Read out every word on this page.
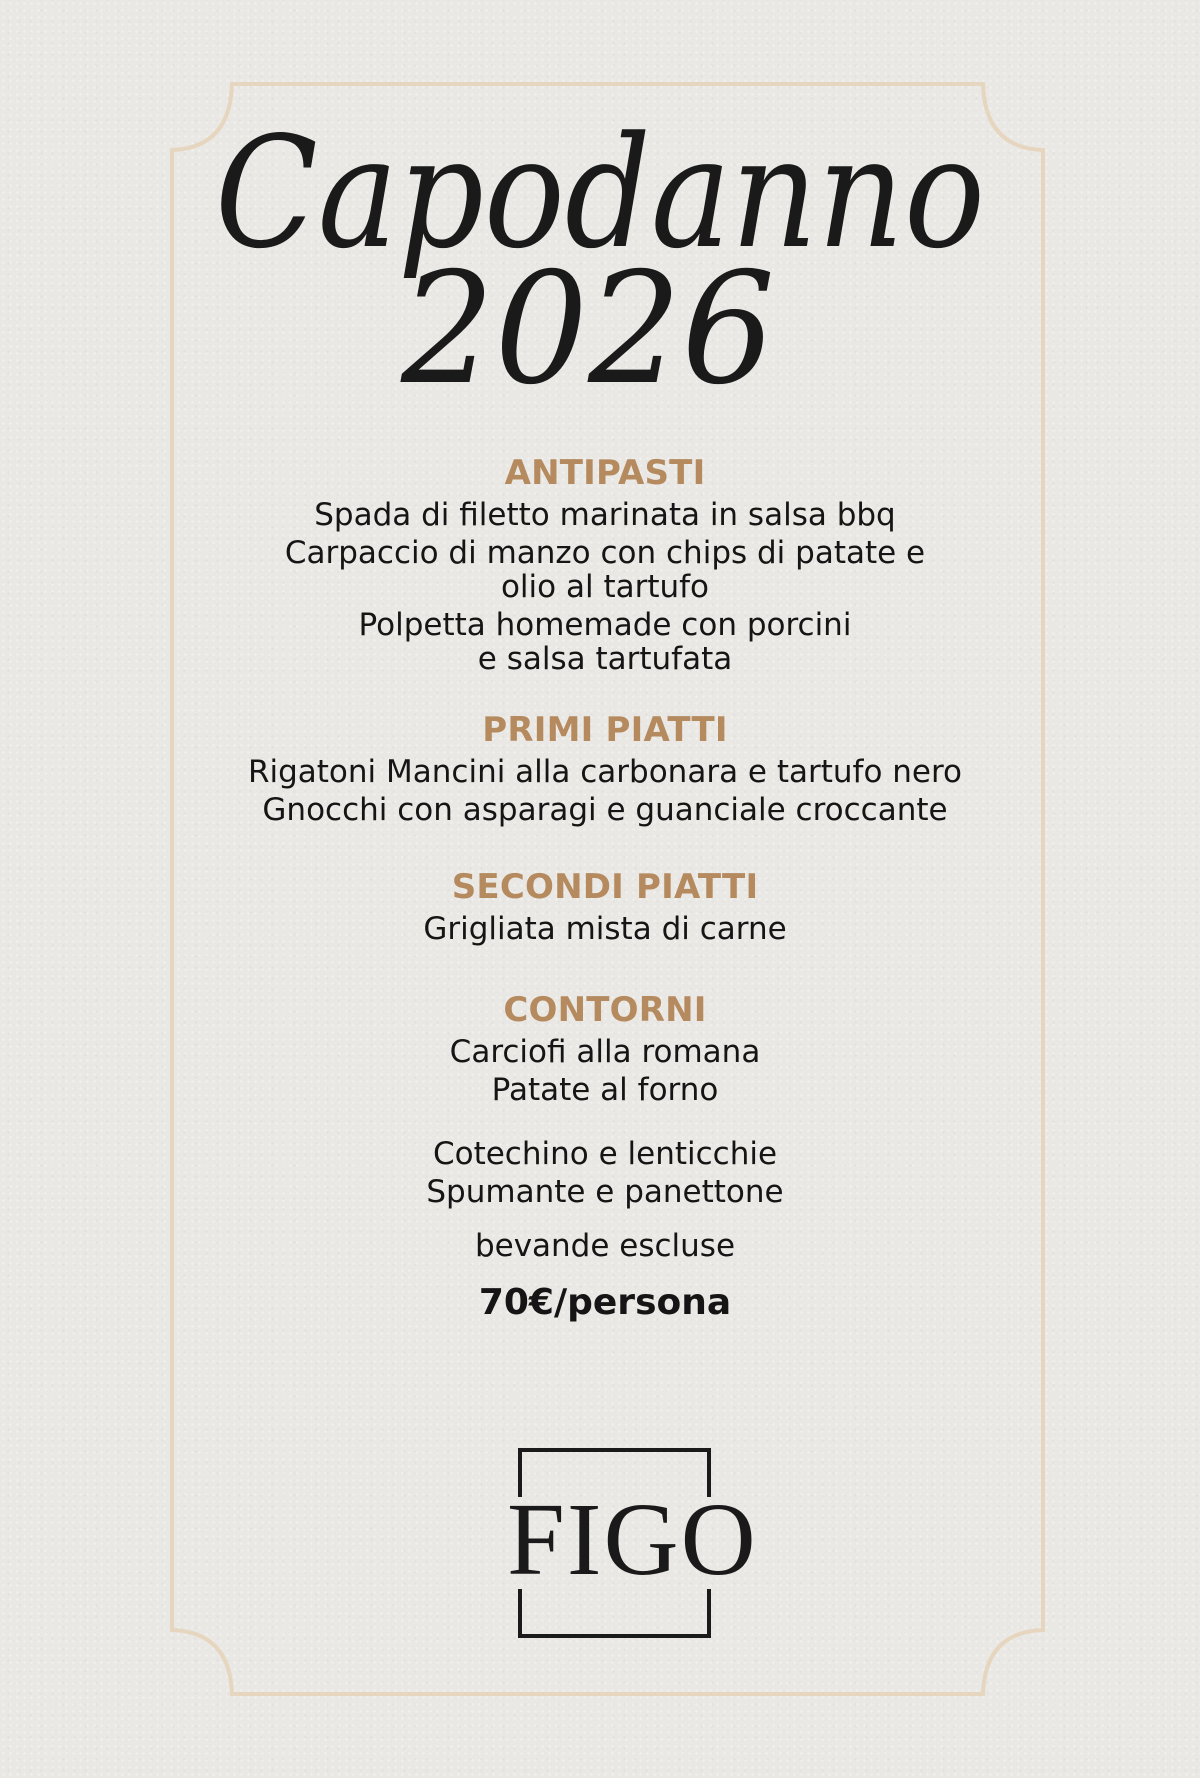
Capodanno
2026
ANTIPASTI
Spada di filetto marinata in salsa bbq
Carpaccio di manzo con chips di patate e
olio al tartufo
Polpetta homemade con porcini
e salsa tartufata
PRIMI PIATTI
Rigatoni Mancini alla carbonara e tartufo nero
Gnocchi con asparagi e guanciale croccante
SECONDI PIATTI
Grigliata mista di carne
CONTORNI
Carciofi alla romana
Patate al forno
Cotechino e lenticchie
Spumante e panettone
bevande escluse
70€/persona
FIGO
